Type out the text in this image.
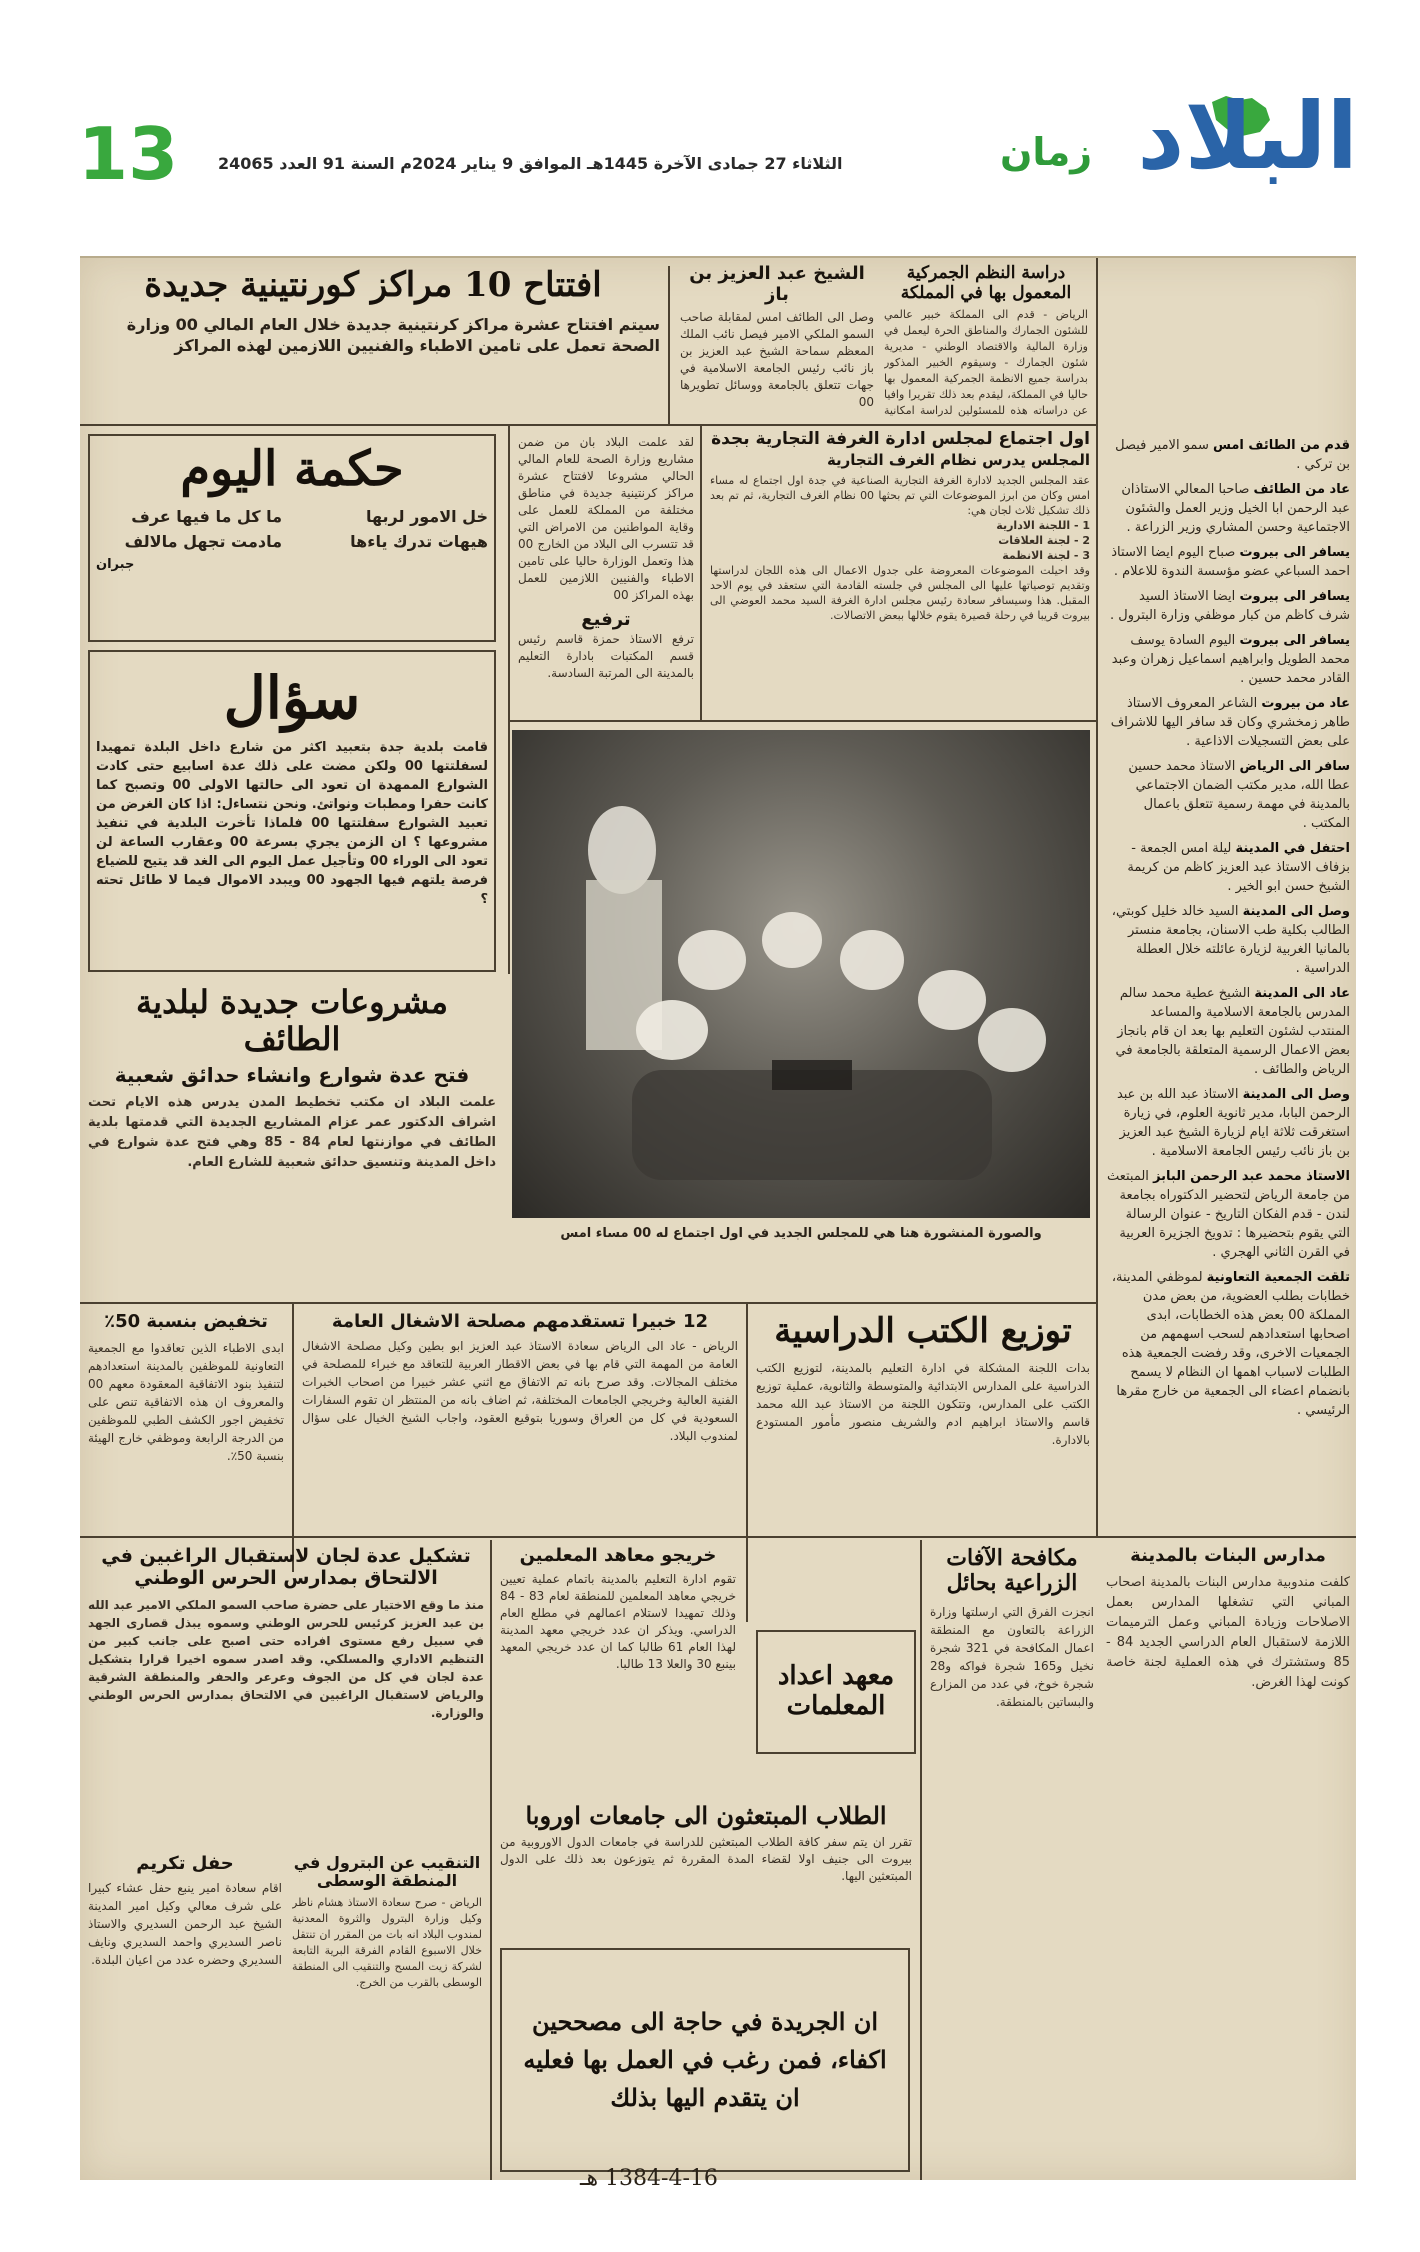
البلاد
زمان
الثلاثاء 27 جمادى الآخرة 1445هـ الموافق 9 يناير 2024م السنة 91 العدد 24065
13
افتتاح 10 مراكز كورنتينية جديدة
سيتم افتتاح عشرة مراكز كرنتينية جديدة خلال العام المالي 00 وزارة الصحة تعمل على تامين الاطباء والفنيين اللازمين لهذه المراكز
الشيخ عبد العزيز بن باز
وصل الى الطائف امس لمقابلة صاحب السمو الملكي الامير فيصل نائب الملك المعظم سماحة الشيخ عبد العزيز بن باز نائب رئيس الجامعة الاسلامية في جهات تتعلق بالجامعة ووسائل تطويرها 00
دراسة النظم الجمركية المعمول بها في المملكة
الرياض - قدم الى المملكة خبير عالمي للشئون الجمارك والمناطق الحرة ليعمل في وزارة المالية والاقتصاد الوطني - مديرية شئون الجمارك - وسيقوم الخبير المذكور بدراسة جميع الانظمة الجمركية المعمول بها حاليا في المملكة، ليقدم بعد ذلك تقريرا وافيا عن دراساته هذه للمسئولين لدراسة امكانية
حكمة اليوم
خل الامور لربها
ما كل ما فيها عرف
هيهات تدرك ياءها
مادمت تجهل مالالف
جبران
لقد علمت البلاد بان من ضمن مشاريع وزارة الصحة للعام المالي الحالي مشروعا لافتتاح عشرة مراكز كرنتينية جديدة في مناطق مختلفة من المملكة للعمل على وقاية المواطنين من الامراض التي قد تتسرب الى البلاد من الخارج 00 هذا وتعمل الوزارة حاليا على تامين الاطباء والفنيين اللازمين للعمل بهذه المراكز 00
ترفيع
ترفع الاستاذ حمزة قاسم رئيس قسم المكتبات بادارة التعليم بالمدينة الى المرتبة السادسة.
اول اجتماع لمجلس ادارة الغرفة التجارية بجدة
المجلس يدرس نظام الغرف التجارية
عقد المجلس الجديد لادارة الغرفة التجارية الصناعية في جدة اول اجتماع له مساء امس وكان من ابرز الموضوعات التي تم بحثها 00 نظام الغرف التجارية، ثم تم بعد ذلك تشكيل ثلاث لجان هي:
1 - اللجنة الادارية
2 - لجنة العلاقات
3 - لجنة الانظمة
وقد احيلت الموضوعات المعروضة على جدول الاعمال الى هذه اللجان لدراستها وتقديم توصياتها عليها الى المجلس في جلسته القادمة التي ستعقد في يوم الاحد المقبل. هذا وسيسافر سعادة رئيس مجلس ادارة الغرفة السيد محمد العوضي الى بيروت قريبا في رحلة قصيرة يقوم خلالها ببعض الاتصالات.
سؤال
قامت بلدية جدة بتعبيد اكثر من شارع داخل البلدة تمهيدا لسفلتتها 00 ولكن مضت على ذلك عدة اسابيع حتى كادت الشوارع الممهدة ان تعود الى حالتها الاولى 00 وتصبح كما كانت حفرا ومطبات ونواتئ. ونحن نتساءل: اذا كان الغرض من تعبيد الشوارع سفلتتها 00 فلماذا تأخرت البلدية في تنفيذ مشروعها ؟ ان الزمن يجري بسرعة 00 وعقارب الساعة لن تعود الى الوراء 00 وتأجيل عمل اليوم الى الغد قد يتيح للضياع فرصة يلتهم فيها الجهود 00 ويبدد الاموال فيما لا طائل تحته ؟
والصورة المنشورة هنا هي للمجلس الجديد في اول اجتماع له 00 مساء امس
مشروعات جديدة لبلدية الطائف
فتح عدة شوارع وانشاء حدائق شعبية
علمت البلاد ان مكتب تخطيط المدن يدرس هذه الايام تحت اشراف الدكتور عمر عزام المشاريع الجديدة التي قدمتها بلدية الطائف في موازنتها لعام 84 - 85 وهي فتح عدة شوارع في داخل المدينة وتنسيق حدائق شعبية للشارع العام.
تخفيض بنسبة 50٪
ابدى الاطباء الذين تعاقدوا مع الجمعية التعاونية للموظفين بالمدينة استعدادهم لتنفيذ بنود الاتفاقية المعقودة معهم 00 والمعروف ان هذه الاتفاقية تنص على تخفيض اجور الكشف الطبي للموظفين من الدرجة الرابعة وموظفي خارج الهيئة بنسبة 50٪.
12 خبيرا تستقدمهم مصلحة الاشغال العامة
الرياض - عاد الى الرياض سعادة الاستاذ عبد العزيز ابو بطين وكيل مصلحة الاشغال العامة من المهمة التي قام بها في بعض الاقطار العربية للتعاقد مع خبراء للمصلحة في مختلف المجالات. وقد صرح بانه تم الاتفاق مع اثني عشر خبيرا من اصحاب الخبرات الفنية العالية وخريجي الجامعات المختلفة، ثم اضاف بانه من المنتظر ان تقوم السفارات السعودية في كل من العراق وسوريا بتوقيع العقود، واجاب الشيخ الخيال على سؤال لمندوب البلاد.
توزيع الكتب الدراسية
بدات اللجنة المشكلة في ادارة التعليم بالمدينة، لتوزيع الكتب الدراسية على المدارس الابتدائية والمتوسطة والثانوية، عملية توزيع الكتب على المدارس، وتتكون اللجنة من الاستاذ عبد الله محمد قاسم والاستاذ ابراهيم ادم والشريف منصور مأمور المستودع بالادارة.
قدم من الطائف امس سمو الامير فيصل بن تركي .
عاد من الطائف صاحبا المعالي الاستاذان عبد الرحمن ابا الخيل وزير العمل والشئون الاجتماعية وحسن المشاري وزير الزراعة .
يسافر الى بيروت صباح اليوم ايضا الاستاذ احمد السباعي عضو مؤسسة الندوة للاعلام .
يسافر الى بيروت ايضا الاستاذ السيد شرف كاظم من كبار موظفي وزارة البترول .
يسافر الى بيروت اليوم السادة يوسف محمد الطويل وابراهيم اسماعيل زهران وعبد القادر محمد حسين .
عاد من بيروت الشاعر المعروف الاستاذ طاهر زمخشري وكان قد سافر اليها للاشراف على بعض التسجيلات الاذاعية .
سافر الى الرياض الاستاذ محمد حسين عطا الله، مدير مكتب الضمان الاجتماعي بالمدينة في مهمة رسمية تتعلق باعمال المكتب .
احتفل في المدينة ليلة امس الجمعة - بزفاف الاستاذ عبد العزيز كاظم من كريمة الشيخ حسن ابو الخير .
وصل الى المدينة السيد خالد خليل كوبتي، الطالب بكلية طب الاسنان، بجامعة منستر بالمانيا الغربية لزيارة عائلته خلال العطلة الدراسية .
عاد الى المدينة الشيخ عطية محمد سالم المدرس بالجامعة الاسلامية والمساعد المنتدب لشئون التعليم بها بعد ان قام بانجاز بعض الاعمال الرسمية المتعلقة بالجامعة في الرياض والطائف .
وصل الى المدينة الاستاذ عبد الله بن عبد الرحمن البابا، مدير ثانوية العلوم، في زيارة استغرقت ثلاثة ايام لزيارة الشيخ عبد العزيز بن باز نائب رئيس الجامعة الاسلامية .
الاستاذ محمد عبد الرحمن البابز المبتعث من جامعة الرياض لتحضير الدكتوراه بجامعة لندن - قدم الفكان التاريخ - عنوان الرسالة التي يقوم بتحضيرها : تدويخ الجزيرة العربية في القرن الثاني الهجري .
تلقت الجمعية التعاونية لموظفي المدينة، خطابات بطلب العضوية، من بعض مدن المملكة 00 بعض هذه الخطابات، ابدى اصحابها استعدادهم لسحب اسهمهم من الجمعيات الاخرى، وقد رفضت الجمعية هذه الطلبات لاسباب اهمها ان النظام لا يسمح بانضمام اعضاء الى الجمعية من خارج مقرها الرئيسي .
تشكيل عدة لجان لاستقبال الراغبين في الالتحاق بمدارس الحرس الوطني
منذ ما وقع الاختيار على حضرة صاحب السمو الملكي الامير عبد الله بن عبد العزيز كرئيس للحرس الوطني وسموه يبذل قصارى الجهد في سبيل رفع مستوى افراده حتى اصبح على جانب كبير من التنظيم الاداري والمسلكي. وقد اصدر سموه اخيرا قرارا بتشكيل عدة لجان في كل من الجوف وعرعر والحفر والمنطقة الشرقية والرياض لاستقبال الراغبين في الالتحاق بمدارس الحرس الوطني والوزارة.
خريجو معاهد المعلمين
تقوم ادارة التعليم بالمدينة باتمام عملية تعيين خريجي معاهد المعلمين للمنطقة لعام 83 - 84 وذلك تمهيدا لاستلام اعمالهم في مطلع العام الدراسي. ويذكر ان عدد خريجي معهد المدينة لهذا العام 61 طالبا كما ان عدد خريجي المعهد بينبع 30 والعلا 13 طالبا.	معهد اعداد المعلمات
الطلاب المبتعثون الى جامعات اوروبا
تقرر ان يتم سفر كافة الطلاب المبتعثين للدراسة في جامعات الدول الاوروبية من بيروت الى جنيف اولا لقضاء المدة المقررة ثم يتوزعون بعد ذلك على الدول المبتعثين اليها.
حفل تكريم
اقام سعادة امير ينبع حفل عشاء كبيرا على شرف معالي وكيل امير المدينة الشيخ عبد الرحمن السديري والاستاذ ناصر السديري واحمد السديري ونايف السديري وحضره عدد من اعيان البلدة.
التنقيب عن البترول في المنطقة الوسطى
الرياض - صرح سعادة الاستاذ هشام ناظر وكيل وزارة البترول والثروة المعدنية لمندوب البلاد انه بات من المقرر ان تنتقل خلال الاسبوع القادم الفرقة البرية التابعة لشركة زيت المسح والتنقيب الى المنطقة الوسطى بالقرب من الخرج.
ان الجريدة في حاجة الى مصححين اكفاء، فمن رغب في العمل بها فعليه ان يتقدم اليها بذلك
مكافحة الآفات الزراعية بحائل
انجزت الفرق التي ارسلتها وزارة الزراعة بالتعاون مع المنطقة اعمال المكافحة في 321 شجرة نخيل و165 شجرة فواكه و28 شجرة خوخ، في عدد من المزارع والبساتين بالمنطقة.
مدارس البنات بالمدينة
كلفت مندوبية مدارس البنات بالمدينة اصحاب المباني التي تشغلها المدارس بعمل الاصلاحات وزيادة المباني وعمل الترميمات اللازمة لاستقبال العام الدراسي الجديد 84 - 85 وستشترك في هذه العملية لجنة خاصة كونت لهذا الغرض.
1384-4-16 هـ
